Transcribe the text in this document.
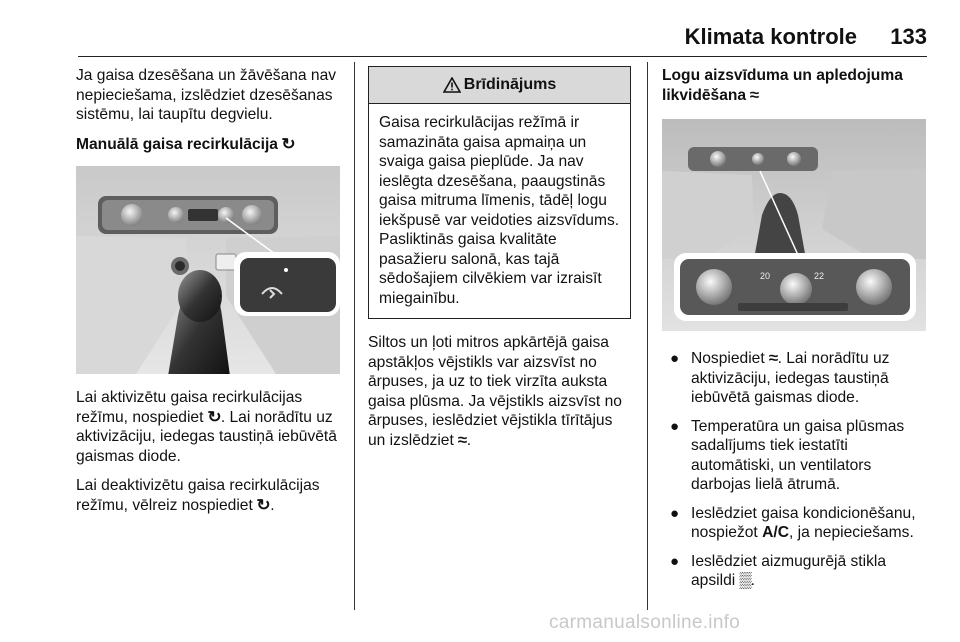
Klimata kontrole 133

Ja gaisa dzesēšana un žāvēšana nav nepieciešama, izslēdziet dzesēšanas sistēmu, lai taupītu degvielu.

Manuālā gaisa recirkulācija ↻

Lai aktivizētu gaisa recirkulācijas režīmu, nospiediet ↻. Lai norādītu uz aktivizāciju, iedegas taustiņā iebūvētā gaismas diode.

Lai deaktivizētu gaisa recirkulācijas režīmu, vēlreiz nospiediet ↻.

Brīdinājums
Gaisa recirkulācijas režīmā ir samazināta gaisa apmaiņa un svaiga gaisa pieplūde. Ja nav ieslēgta dzesēšana, paaugstinās gaisa mitruma līmenis, tādēļ logu iekšpusē var veidoties aizsvīdums. Pasliktinās gaisa kvalitāte pasažieru salonā, kas tajā sēdošajiem cilvēkiem var izraisīt miegainību.

Siltos un ļoti mitros apkārtējā gaisa apstākļos vējstikls var aizsvīst no ārpuses, ja uz to tiek virzīta auksta gaisa plūsma. Ja vējstikls aizsvīst no ārpuses, ieslēdziet vējstikla tīrītājus un izslēdziet ≈.

Logu aizsvīduma un apledojuma
likvidēšana ≈
20	22
● Nospiediet ≈. Lai norādītu uz aktivizāciju, iedegas taustiņā iebūvētā gaismas diode.
● Temperatūra un gaisa plūsmas sadalījums tiek iestatīti automātiski, un ventilators darbojas lielā ātrumā.
● Ieslēdziet gaisa kondicionēšanu, nospiežot A/C, ja nepieciešams.
● Ieslēdziet aizmugurējā stikla apsildi ▒.
carmanualsonline.info
